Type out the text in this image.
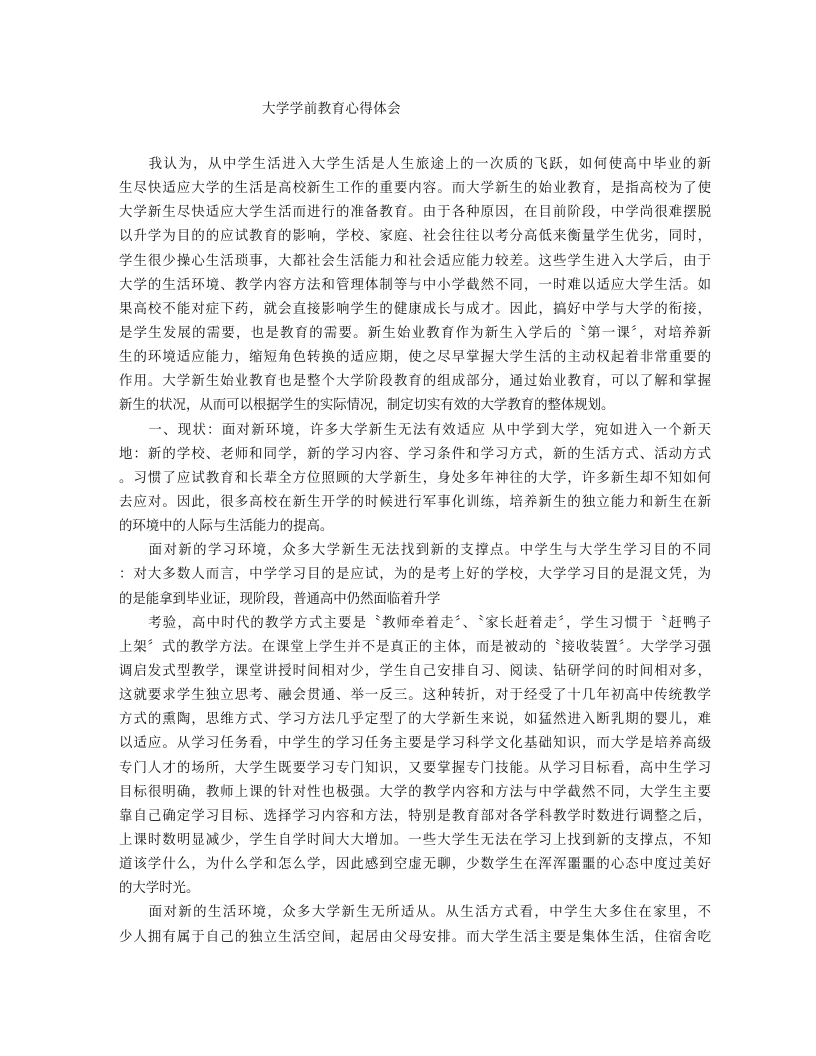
大学学前教育心得体会
　　我认为，从中学生活进入大学生活是人生旅途上的一次质的飞跃，如何使高中毕业的新
生尽快适应大学的生活是高校新生工作的重要内容。而大学新生的始业教育，是指高校为了使
大学新生尽快适应大学生活而进行的准备教育。由于各种原因，在目前阶段，中学尚很难摆脱
以升学为目的的应试教育的影响，学校、家庭、社会往往以考分高低来衡量学生优劣，同时，
学生很少操心生活琐事，大都社会生活能力和社会适应能力较差。这些学生进入大学后，由于
大学的生活环境、教学内容方法和管理体制等与中小学截然不同，一时难以适应大学生活。如
果高校不能对症下药，就会直接影响学生的健康成长与成才。因此，搞好中学与大学的衔接，
是学生发展的需要，也是教育的需要。新生始业教育作为新生入学后的〝第一课〞，对培养新
生的环境适应能力，缩短角色转换的适应期，使之尽早掌握大学生活的主动权起着非常重要的
作用。大学新生始业教育也是整个大学阶段教育的组成部分，通过始业教育，可以了解和掌握
新生的状况，从而可以根据学生的实际情况，制定切实有效的大学教育的整体规划。
　　一、现状：面对新环境，许多大学新生无法有效适应 从中学到大学，宛如进入一个新天
地：新的学校、老师和同学，新的学习内容、学习条件和学习方式，新的生活方式、活动方式
。习惯了应试教育和长辈全方位照顾的大学新生，身处多年神往的大学，许多新生却不知如何
去应对。因此，很多高校在新生开学的时候进行军事化训练，培养新生的独立能力和新生在新
的环境中的人际与生活能力的提高。
　　面对新的学习环境，众多大学新生无法找到新的支撑点。中学生与大学生学习目的不同
：对大多数人而言，中学学习目的是应试，为的是考上好的学校，大学学习目的是混文凭，为
的是能拿到毕业证，现阶段，普通高中仍然面临着升学
　　考验，高中时代的教学方式主要是〝教师牵着走〞、〝家长赶着走〞，学生习惯于〝赶鸭子
上架〞式的教学方法。在课堂上学生并不是真正的主体，而是被动的〝接收装置〞。大学学习强
调启发式型教学，课堂讲授时间相对少，学生自己安排自习、阅读、钻研学问的时间相对多，
这就要求学生独立思考、融会贯通、举一反三。这种转折，对于经受了十几年初高中传统教学
方式的熏陶，思维方式、学习方法几乎定型了的大学新生来说，如猛然进入断乳期的婴儿，难
以适应。从学习任务看，中学生的学习任务主要是学习科学文化基础知识，而大学是培养高级
专门人才的场所，大学生既要学习专门知识，又要掌握专门技能。从学习目标看，高中生学习
目标很明确，教师上课的针对性也极强。大学的教学内容和方法与中学截然不同，大学生主要
靠自己确定学习目标、选择学习内容和方法，特别是教育部对各学科教学时数进行调整之后，
上课时数明显减少，学生自学时间大大增加。一些大学生无法在学习上找到新的支撑点，不知
道该学什么，为什么学和怎么学，因此感到空虚无聊，少数学生在浑浑噩噩的心态中度过美好
的大学时光。
　　面对新的生活环境，众多大学新生无所适从。从生活方式看，中学生大多住在家里，不
少人拥有属于自己的独立生活空间，起居由父母安排。而大学生活主要是集体生活，住宿舍吃
